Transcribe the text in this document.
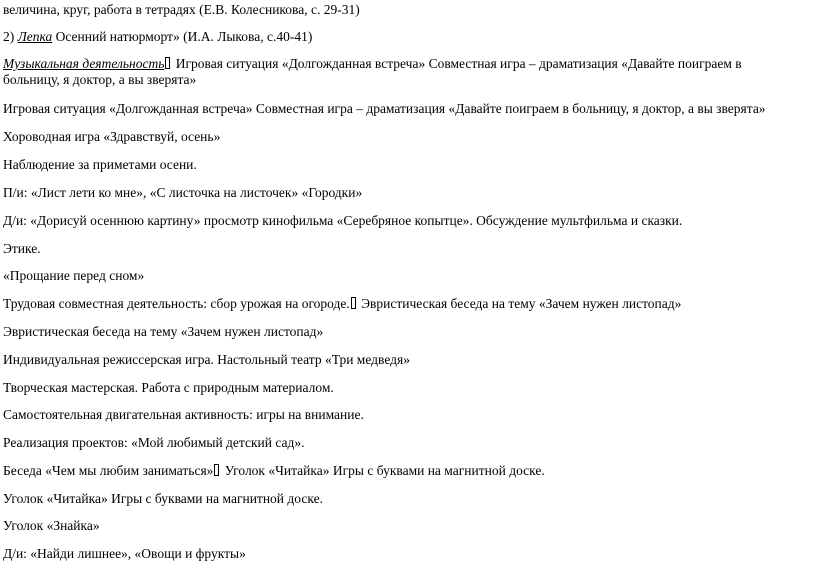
величина, круг, работа в тетрадях (Е.В. Колесникова, с. 29-31)
2) Лепка Осенний натюрморт» (И.А. Лыкова, с.40-41)
Музыкальная деятельность Игровая ситуация «Долгожданная встреча» Совместная игра – драматизация «Давайте поиграем в больницу, я доктор, а вы зверята»
Игровая ситуация «Долгожданная встреча» Совместная игра – драматизация «Давайте поиграем в больницу, я доктор, а вы зверята»
Хороводная игра «Здравствуй, осень»
Наблюдение за приметами осени.
П/и: «Лист лети ко мне», «С листочка на листочек» «Городки»
Д/и: «Дорисуй осеннюю картину» просмотр кинофильма «Серебряное копытце». Обсуждение мультфильма и сказки.
Этике.
«Прощание перед сном»
Трудовая совместная деятельность: сбор урожая на огороде. Эвристическая беседа на тему «Зачем нужен листопад»
Эвристическая беседа на тему «Зачем нужен листопад»
Индивидуальная режиссерская игра. Настольный театр «Три медведя»
Творческая мастерская. Работа с природным материалом.
Самостоятельная двигательная активность: игры на внимание.
Реализация проектов: «Мой любимый детский сад».
Беседа «Чем мы любим заниматься» Уголок «Читайка» Игры с буквами на магнитной доске.
Уголок «Читайка» Игры с буквами на магнитной доске.
Уголок «Знайка»
Д/и: «Найди лишнее», «Овощи и фрукты»
